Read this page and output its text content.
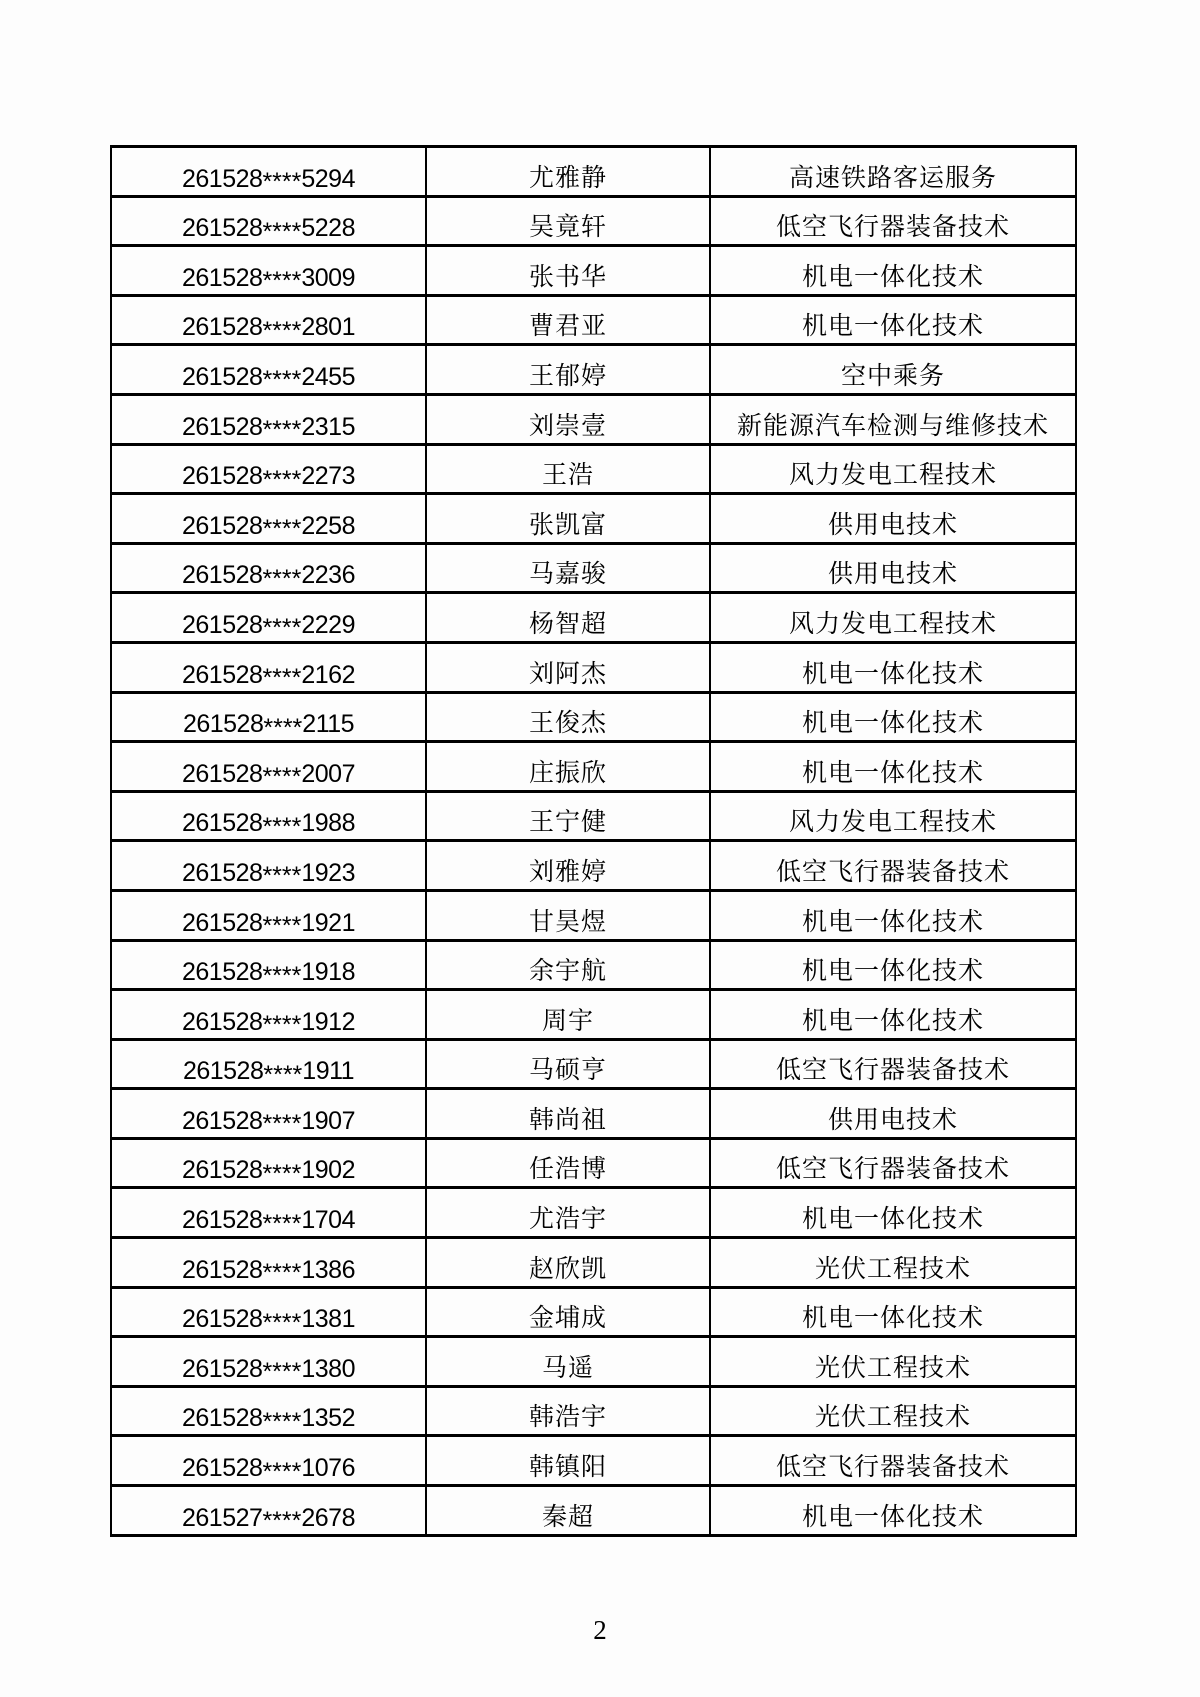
261528****5294	尤雅静	高速铁路客运服务
261528****5228	吴竟轩	低空飞行器装备技术
261528****3009	张书华	机电一体化技术
261528****2801	曹君亚	机电一体化技术
261528****2455	王郁婷	空中乘务
261528****2315	刘崇壹	新能源汽车检测与维修技术
261528****2273	王浩	风力发电工程技术
261528****2258	张凯富	供用电技术
261528****2236	马嘉骏	供用电技术
261528****2229	杨智超	风力发电工程技术
261528****2162	刘阿杰	机电一体化技术
261528****2115	王俊杰	机电一体化技术
261528****2007	庄振欣	机电一体化技术
261528****1988	王宁健	风力发电工程技术
261528****1923	刘雅婷	低空飞行器装备技术
261528****1921	甘昊煜	机电一体化技术
261528****1918	余宇航	机电一体化技术
261528****1912	周宇	机电一体化技术
261528****1911	马硕亨	低空飞行器装备技术
261528****1907	韩尚祖	供用电技术
261528****1902	任浩博	低空飞行器装备技术
261528****1704	尤浩宇	机电一体化技术
261528****1386	赵欣凯	光伏工程技术
261528****1381	金埔成	机电一体化技术
261528****1380	马遥	光伏工程技术
261528****1352	韩浩宇	光伏工程技术
261528****1076	韩镇阳	低空飞行器装备技术
261527****2678	秦超	机电一体化技术
2
